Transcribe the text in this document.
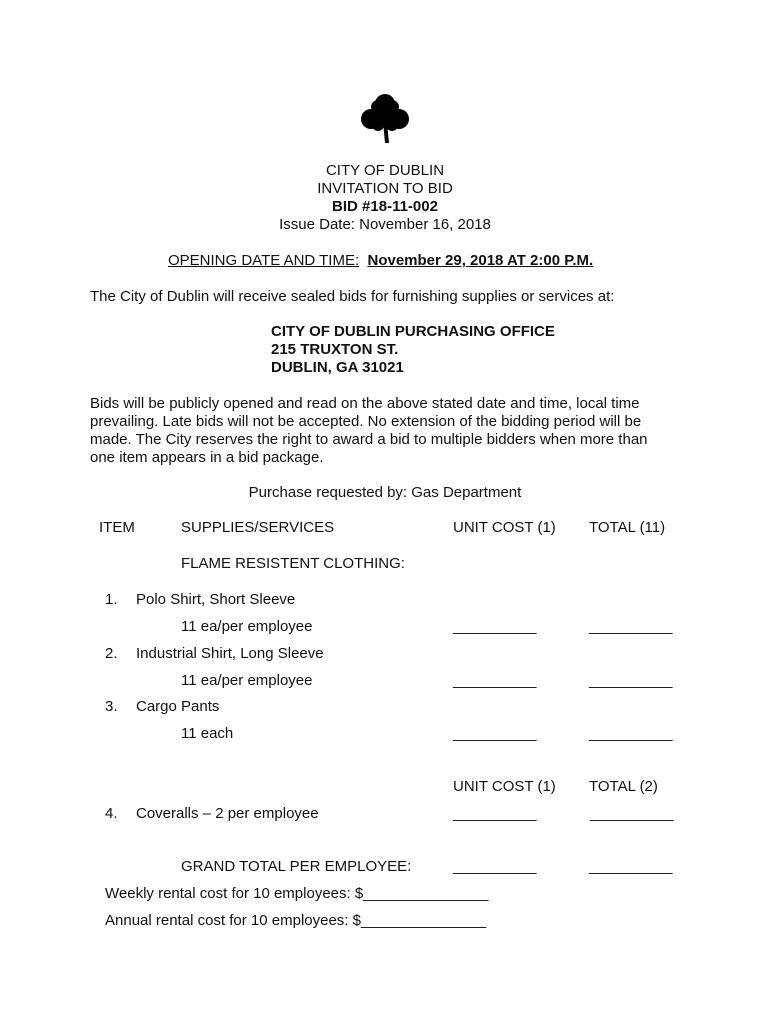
CITY OF DUBLIN
INVITATION TO BID
BID #18-11-002
Issue Date: November 16, 2018
OPENING DATE AND TIME: November 29, 2018 AT 2:00 P.M.
The City of Dublin will receive sealed bids for furnishing supplies or services at:
CITY OF DUBLIN PURCHASING OFFICE
215 TRUXTON ST.
DUBLIN, GA 31021
Bids will be publicly opened and read on the above stated date and time, local time
prevailing. Late bids will not be accepted. No extension of the bidding period will be
made. The City reserves the right to award a bid to multiple bidders when more than
one item appears in a bid package.
Purchase requested by: Gas Department
ITEM	SUPPLIES/SERVICES	UNIT COST (1) TOTAL (11)
FLAME RESISTENT CLOTHING:
1. Polo Shirt, Short Sleeve
11 ea/per employee	__________	__________
2. Industrial Shirt, Long Sleeve
11 ea/per employee	__________	__________
3. Cargo Pants
11 each	__________	__________
UNIT COST (1) TOTAL (2)
4. Coveralls – 2 per employee	__________	__________
GRAND TOTAL PER EMPLOYEE:	__________	__________
Weekly rental cost for 10 employees: $_______________
Annual rental cost for 10 employees: $_______________
